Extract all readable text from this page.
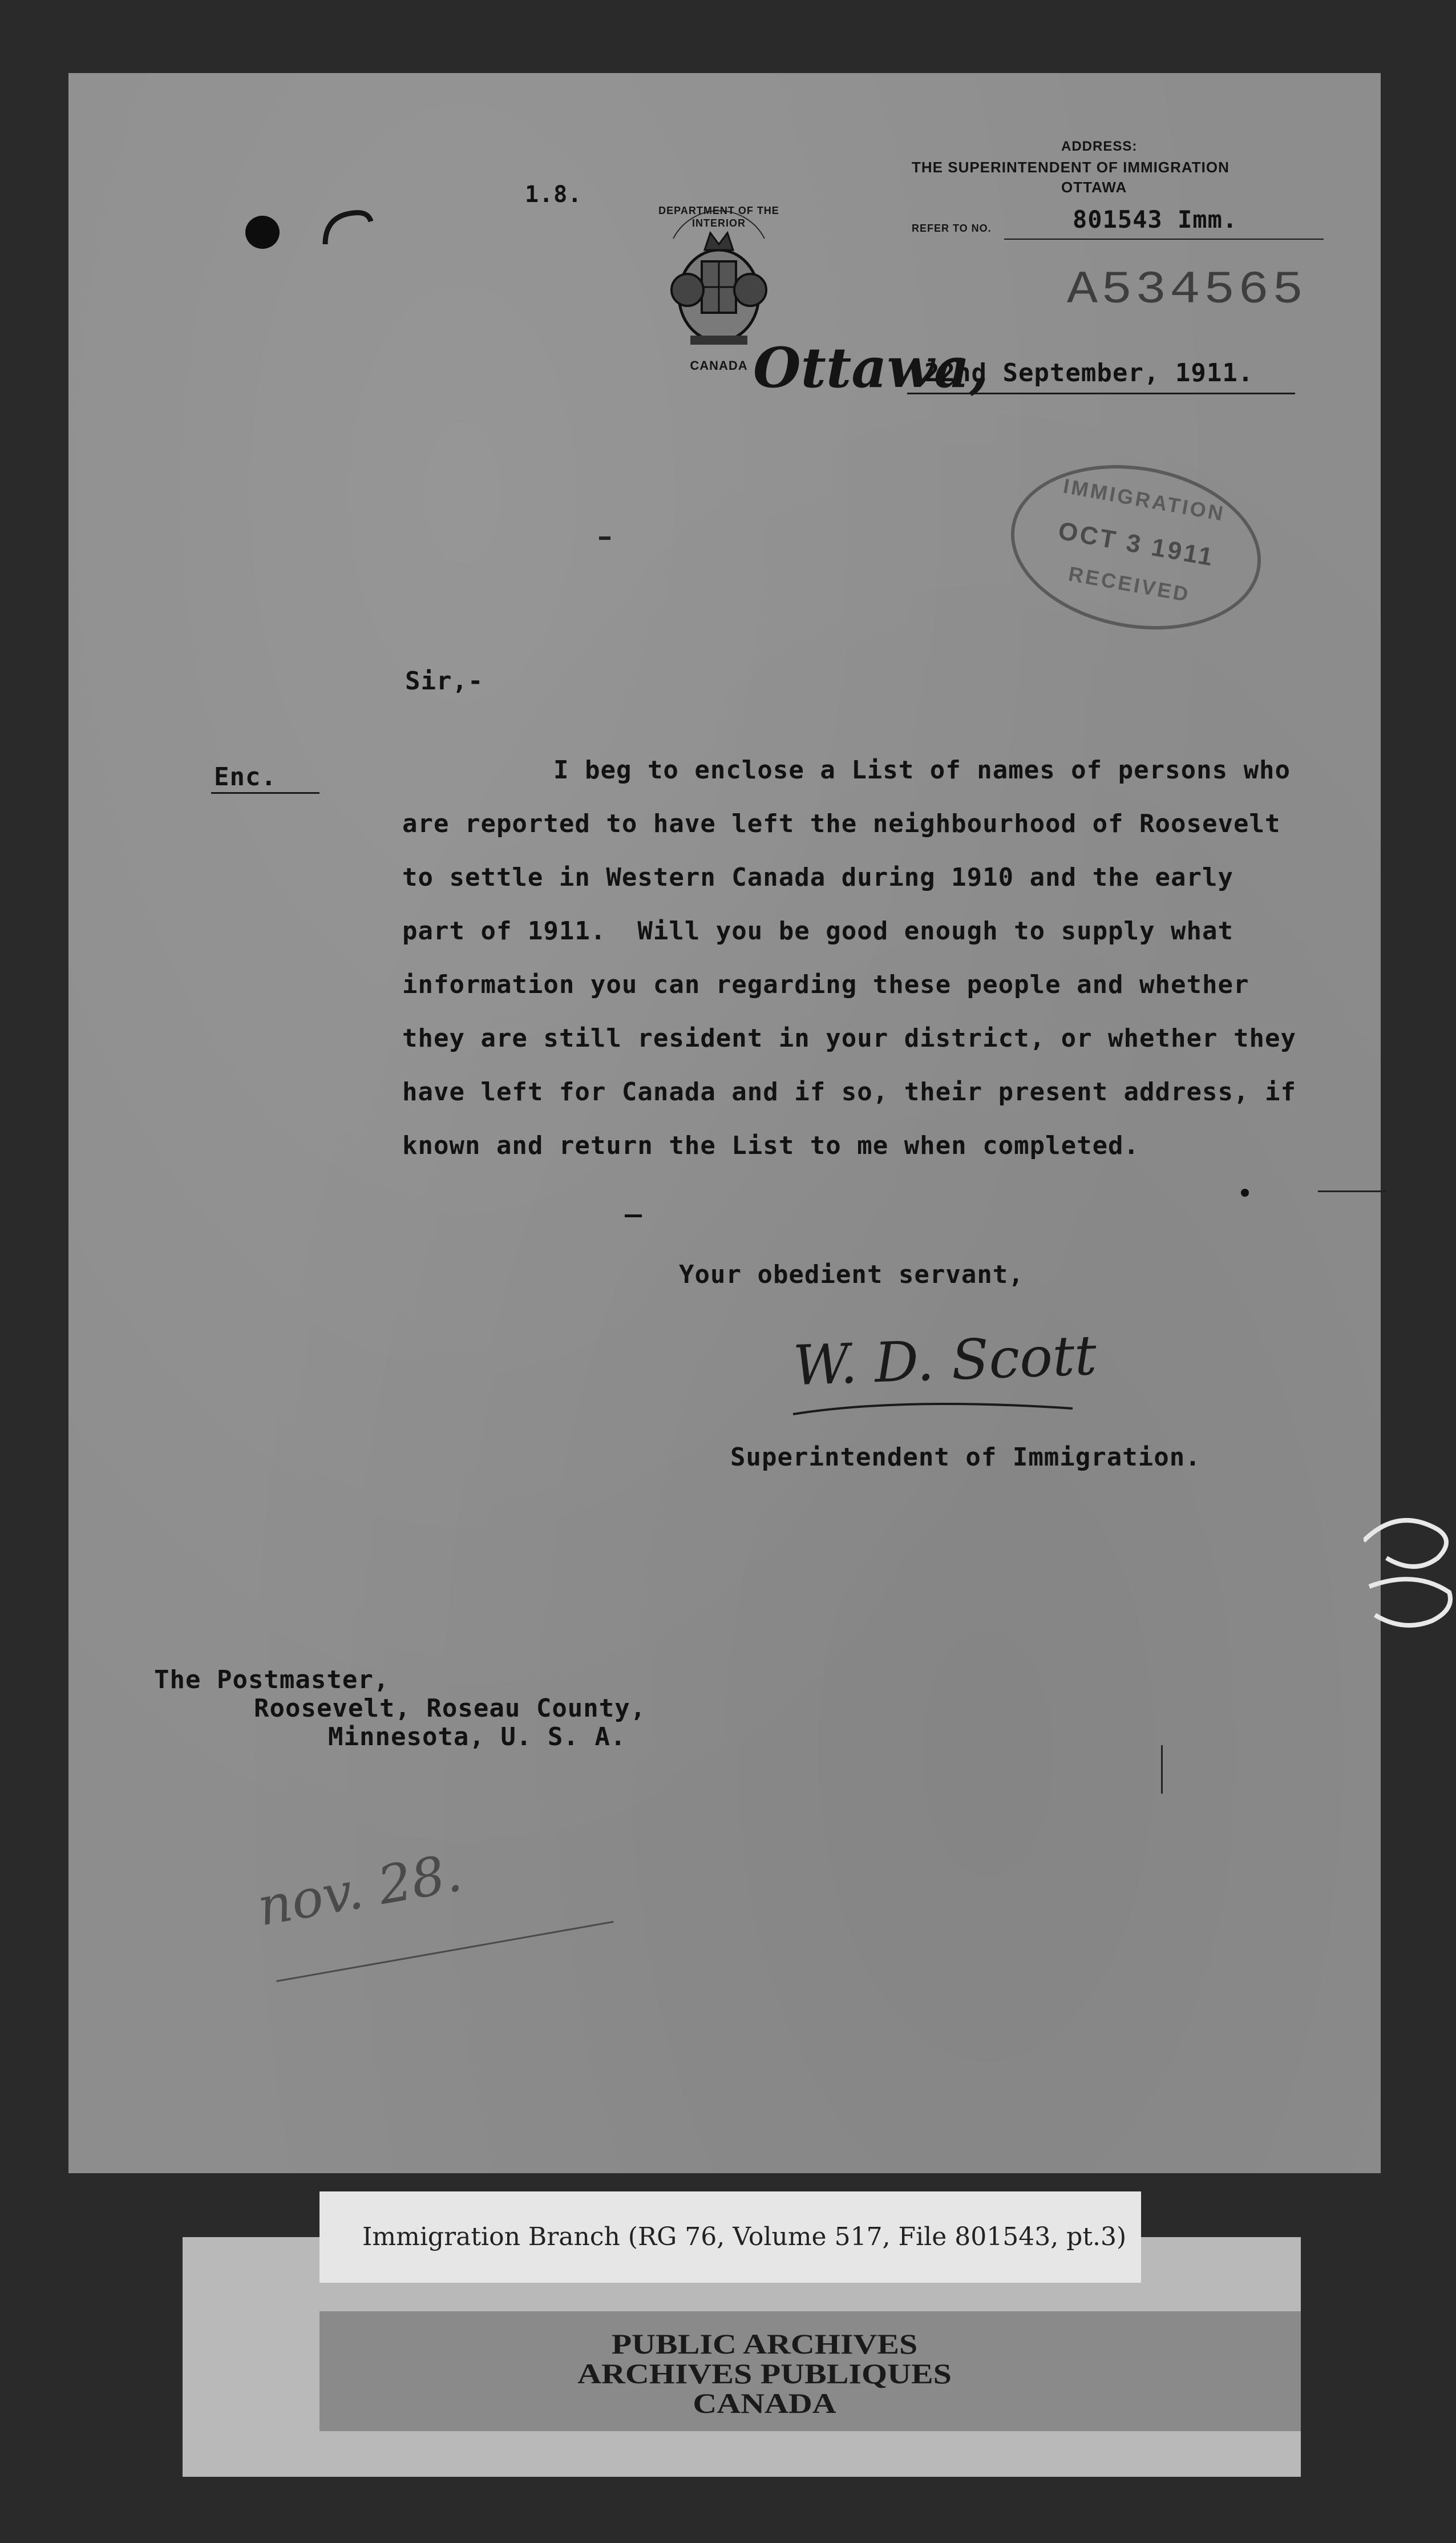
1.8.
DEPARTMENT OF THE INTERIOR
CANADA
ADDRESS:
THE SUPERINTENDENT OF IMMIGRATION
OTTAWA
REFER TO NO.	801543 Imm.
A534565
Ottawa,
22nd September, 1911.
IMMIGRATION
OCT 3 1911
RECEIVED
Sir,-
Enc.	I beg to enclose a List of names of persons who
are reported to have left the neighbourhood of Roosevelt
to settle in Western Canada during 1910 and the early
part of 1911.  Will you be good enough to supply what
information you can regarding these people and whether
they are still resident in your district, or whether they
have left for Canada and if so, their present address, if
known and return the List to me when completed.
Your obedient servant,
W. D. Scott
Superintendent of Immigration.
The Postmaster,
Roosevelt, Roseau County,
Minnesota, U. S. A.
nov. 28.
Immigration Branch (RG 76, Volume 517, File 801543, pt.3)
PUBLIC ARCHIVES
ARCHIVES PUBLIQUES
CANADA
